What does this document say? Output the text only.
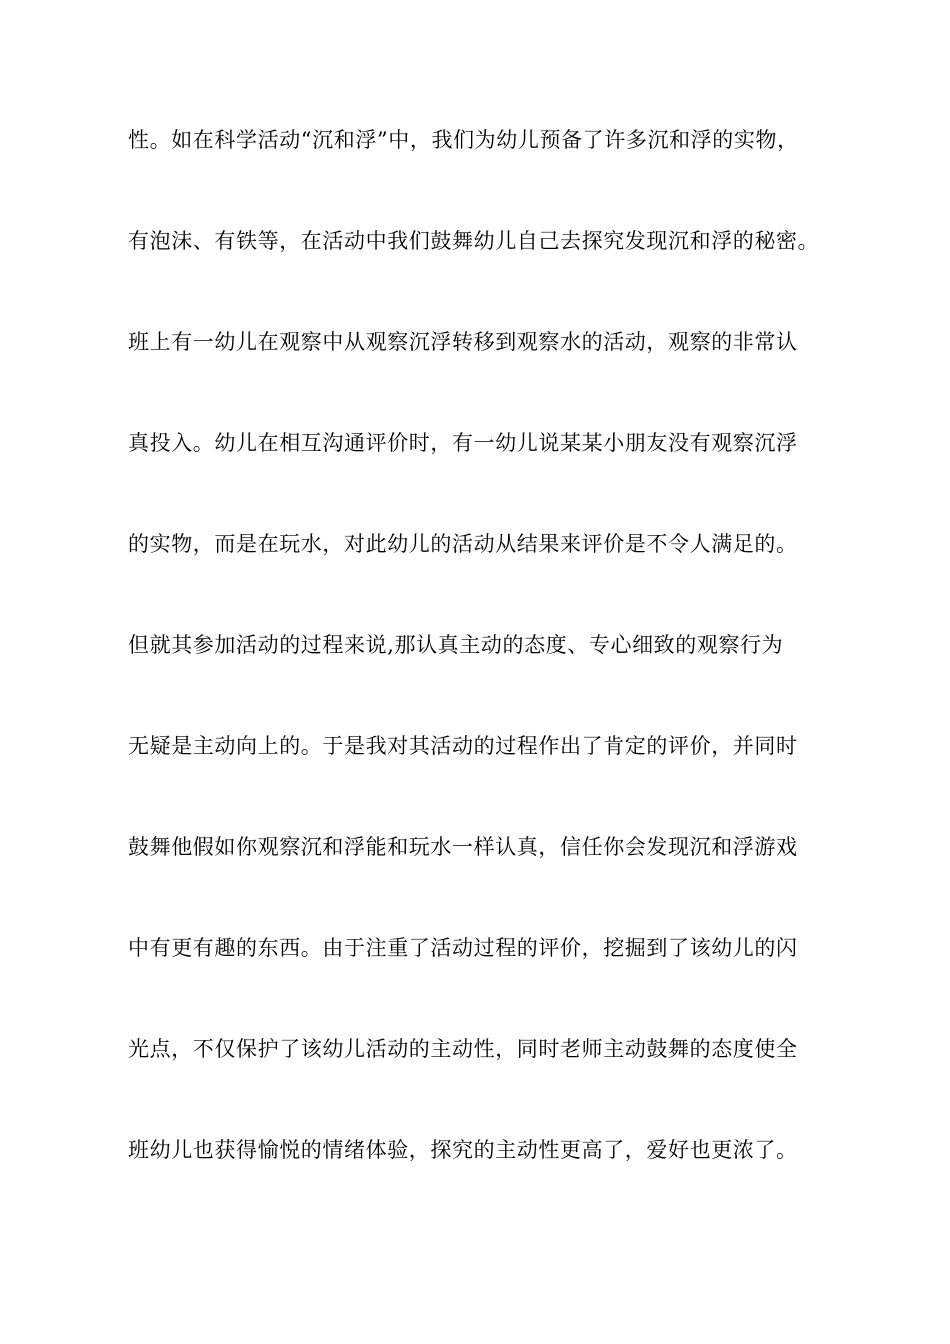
性。如在科学活动“沉和浮”中，我们为幼儿预备了许多沉和浮的实物，
有泡沫、有铁等，在活动中我们鼓舞幼儿自己去探究发现沉和浮的秘密。
班上有一幼儿在观察中从观察沉浮转移到观察水的活动，观察的非常认
真投入。幼儿在相互沟通评价时，有一幼儿说某某小朋友没有观察沉浮
的实物，而是在玩水，对此幼儿的活动从结果来评价是不令人满足的。
但就其参加活动的过程来说,那认真主动的态度、专心细致的观察行为
无疑是主动向上的。于是我对其活动的过程作出了肯定的评价，并同时
鼓舞他假如你观察沉和浮能和玩水一样认真，信任你会发现沉和浮游戏
中有更有趣的东西。由于注重了活动过程的评价，挖掘到了该幼儿的闪
光点，不仅保护了该幼儿活动的主动性，同时老师主动鼓舞的态度使全
班幼儿也获得愉悦的情绪体验，探究的主动性更高了，爱好也更浓了。
